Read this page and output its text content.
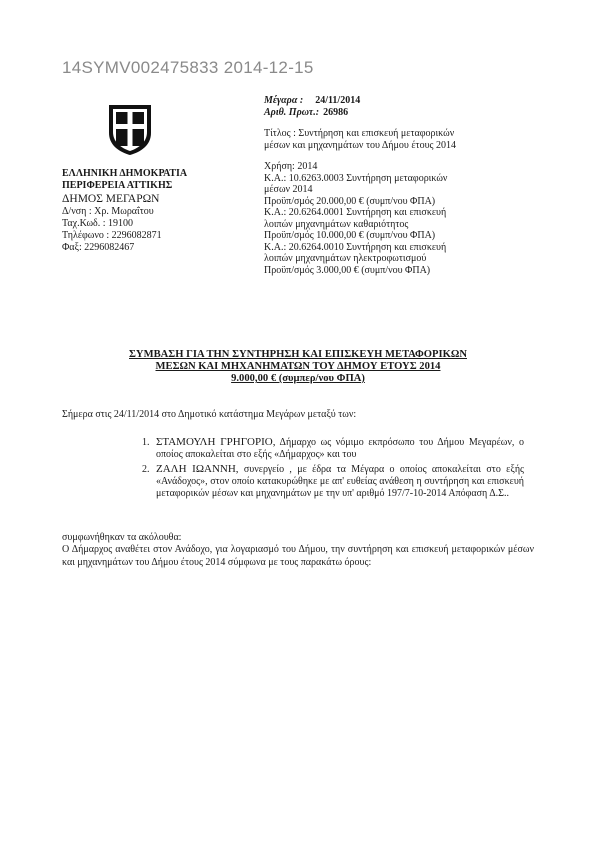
14SYMV002475833 2014-12-15
ΕΛΛΗΝΙΚΗ ΔΗΜΟΚΡΑΤΙΑ
ΠΕΡΙΦΕΡΕΙΑ ΑΤΤΙΚΗΣ
ΔΗΜΟΣ ΜΕΓΑΡΩΝ
Δ/νση : Χρ. Μωραΐτου
Ταχ.Κωδ. : 19100
Τηλέφωνο : 2296082871
Φαξ: 2296082467
Μέγαρα : 24/11/2014
Αριθ. Πρωτ.: 26986
Τίτλος : Συντήρηση και επισκευή μεταφορικών
μέσων και μηχανημάτων του Δήμου έτους 2014
Χρήση: 2014
Κ.Α.: 10.6263.0003 Συντήρηση μεταφορικών
μέσων 2014
Προϋπ/σμός 20.000,00 € (συμπ/νου ΦΠΑ)
Κ.Α.: 20.6264.0001 Συντήρηση και επισκευή
λοιπών μηχανημάτων καθαριότητος
Προϋπ/σμός 10.000,00 € (συμπ/νου ΦΠΑ)
Κ.Α.: 20.6264.0010 Συντήρηση και επισκευή
λοιπών μηχανημάτων ηλεκτροφωτισμού
Προϋπ/σμός 3.000,00 € (συμπ/νου ΦΠΑ)
ΣΥΜΒΑΣΗ ΓΙΑ ΤΗΝ ΣΥΝΤΗΡΗΣΗ ΚΑΙ ΕΠΙΣΚΕΥΗ ΜΕΤΑΦΟΡΙΚΩΝ
ΜΕΣΩΝ ΚΑΙ ΜΗΧΑΝΗΜΑΤΩΝ ΤΟΥ ΔΗΜΟΥ ΕΤΟΥΣ 2014
9.000,00 € (συμπερ/νου ΦΠΑ)
Σήμερα στις 24/11/2014 στο Δημοτικό κατάστημα Μεγάρων μεταξύ των:
1. ΣΤΑΜΟΥΛΗ ΓΡΗΓΟΡΙΟ, Δήμαρχο ως νόμιμο εκπρόσωπο του Δήμου Μεγαρέων, ο οποίος αποκαλείται στο εξής «Δήμαρχος» και του
2. ΖΑΛΗ ΙΩΑΝΝΗ, συνεργείο , με έδρα τα Μέγαρα ο οποίος αποκαλείται στο εξής «Ανάδοχος», στον οποίο κατακυρώθηκε με απ' ευθείας ανάθεση η συντήρηση και επισκευή μεταφορικών μέσων και μηχανημάτων με την υπ' αριθμό 197/7-10-2014 Απόφαση Δ.Σ..
συμφωνήθηκαν τα ακόλουθα:
Ο Δήμαρχος αναθέτει στον Ανάδοχο, για λογαριασμό του Δήμου, την συντήρηση και επισκευή μεταφορικών μέσων και μηχανημάτων του Δήμου έτους 2014 σύμφωνα με τους παρακάτω όρους:
